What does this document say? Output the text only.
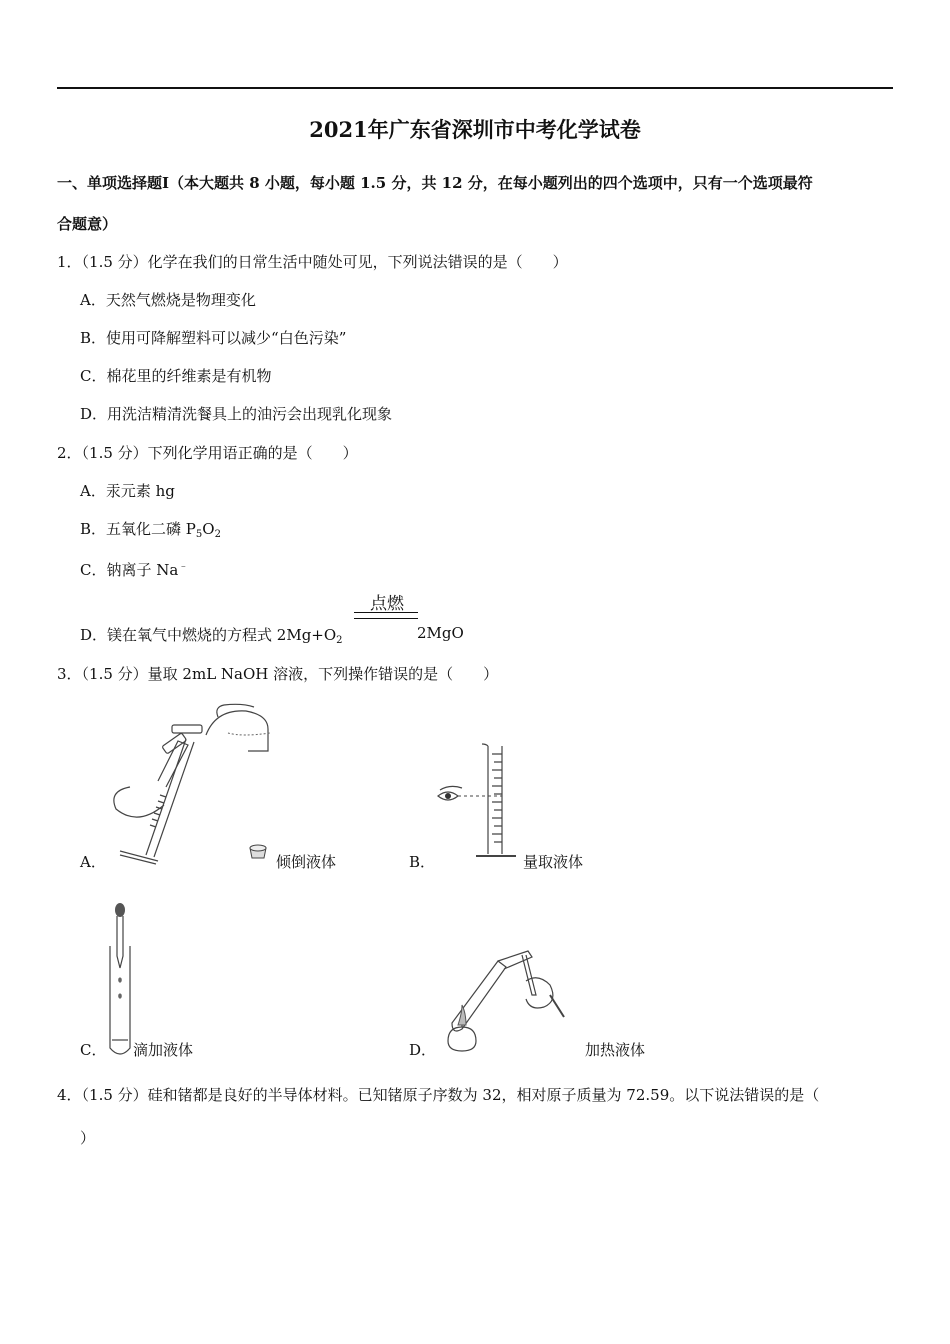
2021年广东省深圳市中考化学试卷
一、单项选择题Ⅰ（本大题共 8 小题，每小题 1.5 分，共 12 分，在每小题列出的四个选项中，只有一个选项最符
合题意）
1．（1.5 分）化学在我们的日常生活中随处可见，下列说法错误的是（　　）
A．天然气燃烧是物理变化
B．使用可降解塑料可以减少“白色污染”
C．棉花里的纤维素是有机物
D．用洗洁精清洗餐具上的油污会出现乳化现象
2．（1.5 分）下列化学用语正确的是（　　）
A．汞元素 hg
B．五氧化二磷 $P_5O_2$
C．钠离子 Na﹣
点燃
D．镁在氧气中燃烧的方程式 $2Mg+O_2$	2MgO
3．（1.5 分）量取 2mL NaOH 溶液，下列操作错误的是（　　）
A．	倾倒液体	B．	量取液体
C． 滴加液体	D．	加热液体
4．（1.5 分）硅和锗都是良好的半导体材料。已知锗原子序数为 32，相对原子质量为 72.59。以下说法错误的是（
）
